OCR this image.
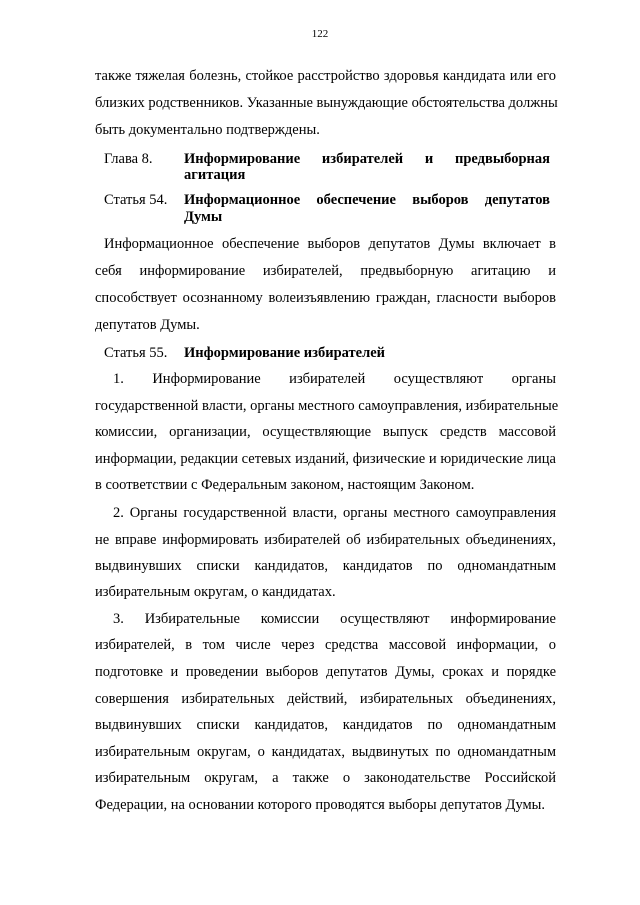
122
также тяжелая болезнь, стойкое расстройство здоровья кандидата или его
близких родственников. Указанные вынуждающие обстоятельства должны
быть документально подтверждены.
Глава 8. Информирование избирателей и предвыборная
агитация
Статья 54. Информационное обеспечение выборов депутатов
Думы
Информационное обеспечение выборов депутатов Думы включает в
себя информирование избирателей, предвыборную агитацию и
способствует осознанному волеизъявлению граждан, гласности выборов
депутатов Думы.
Статья 55. Информирование избирателей
1. Информирование избирателей осуществляют органы
государственной власти, органы местного самоуправления, избирательные
комиссии, организации, осуществляющие выпуск средств массовой
информации, редакции сетевых изданий, физические и юридические лица
в соответствии с Федеральным законом, настоящим Законом.
2. Органы государственной власти, органы местного самоуправления
не вправе информировать избирателей об избирательных объединениях,
выдвинувших списки кандидатов, кандидатов по одномандатным
избирательным округам, о кандидатах.
3. Избирательные комиссии осуществляют информирование
избирателей, в том числе через средства массовой информации, о
подготовке и проведении выборов депутатов Думы, сроках и порядке
совершения избирательных действий, избирательных объединениях,
выдвинувших списки кандидатов, кандидатов по одномандатным
избирательным округам, о кандидатах, выдвинутых по одномандатным
избирательным округам, а также о законодательстве Российской
Федерации, на основании которого проводятся выборы депутатов Думы.
